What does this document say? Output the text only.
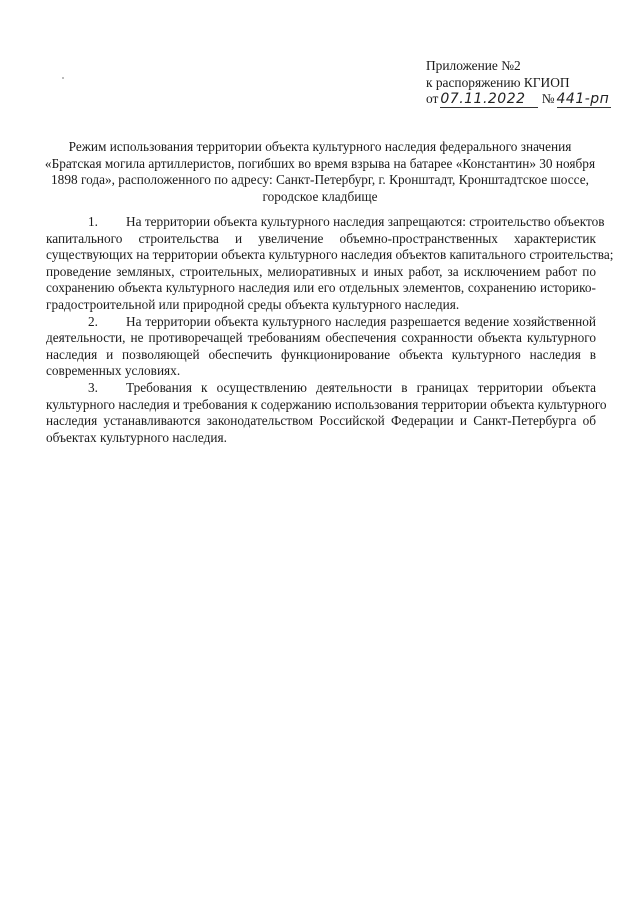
Приложение №2
к распоряжению КГИОП
от 07.11.2022 № 441-рп
Режим использования территории объекта культурного наследия федерального значения
«Братская могила артиллеристов, погибших во время взрыва на батарее «Константин» 30 ноября
1898 года», расположенного по адресу: Санкт-Петербург, г. Кронштадт, Кронштадтское шоссе,
городское кладбище
1. На территории объекта культурного наследия запрещаются: строительство объектов
капитального строительства и увеличение объемно-пространственных характеристик
существующих на территории объекта культурного наследия объектов капитального строительства;
проведение земляных, строительных, мелиоративных и иных работ, за исключением работ по
сохранению объекта культурного наследия или его отдельных элементов, сохранению историко-
градостроительной или природной среды объекта культурного наследия.
2. На территории объекта культурного наследия разрешается ведение хозяйственной
деятельности, не противоречащей требованиям обеспечения сохранности объекта культурного
наследия и позволяющей обеспечить функционирование объекта культурного наследия в
современных условиях.
3. Требования к осуществлению деятельности в границах территории объекта
культурного наследия и требования к содержанию использования территории объекта культурного
наследия устанавливаются законодательством Российской Федерации и Санкт-Петербурга об
объектах культурного наследия.
